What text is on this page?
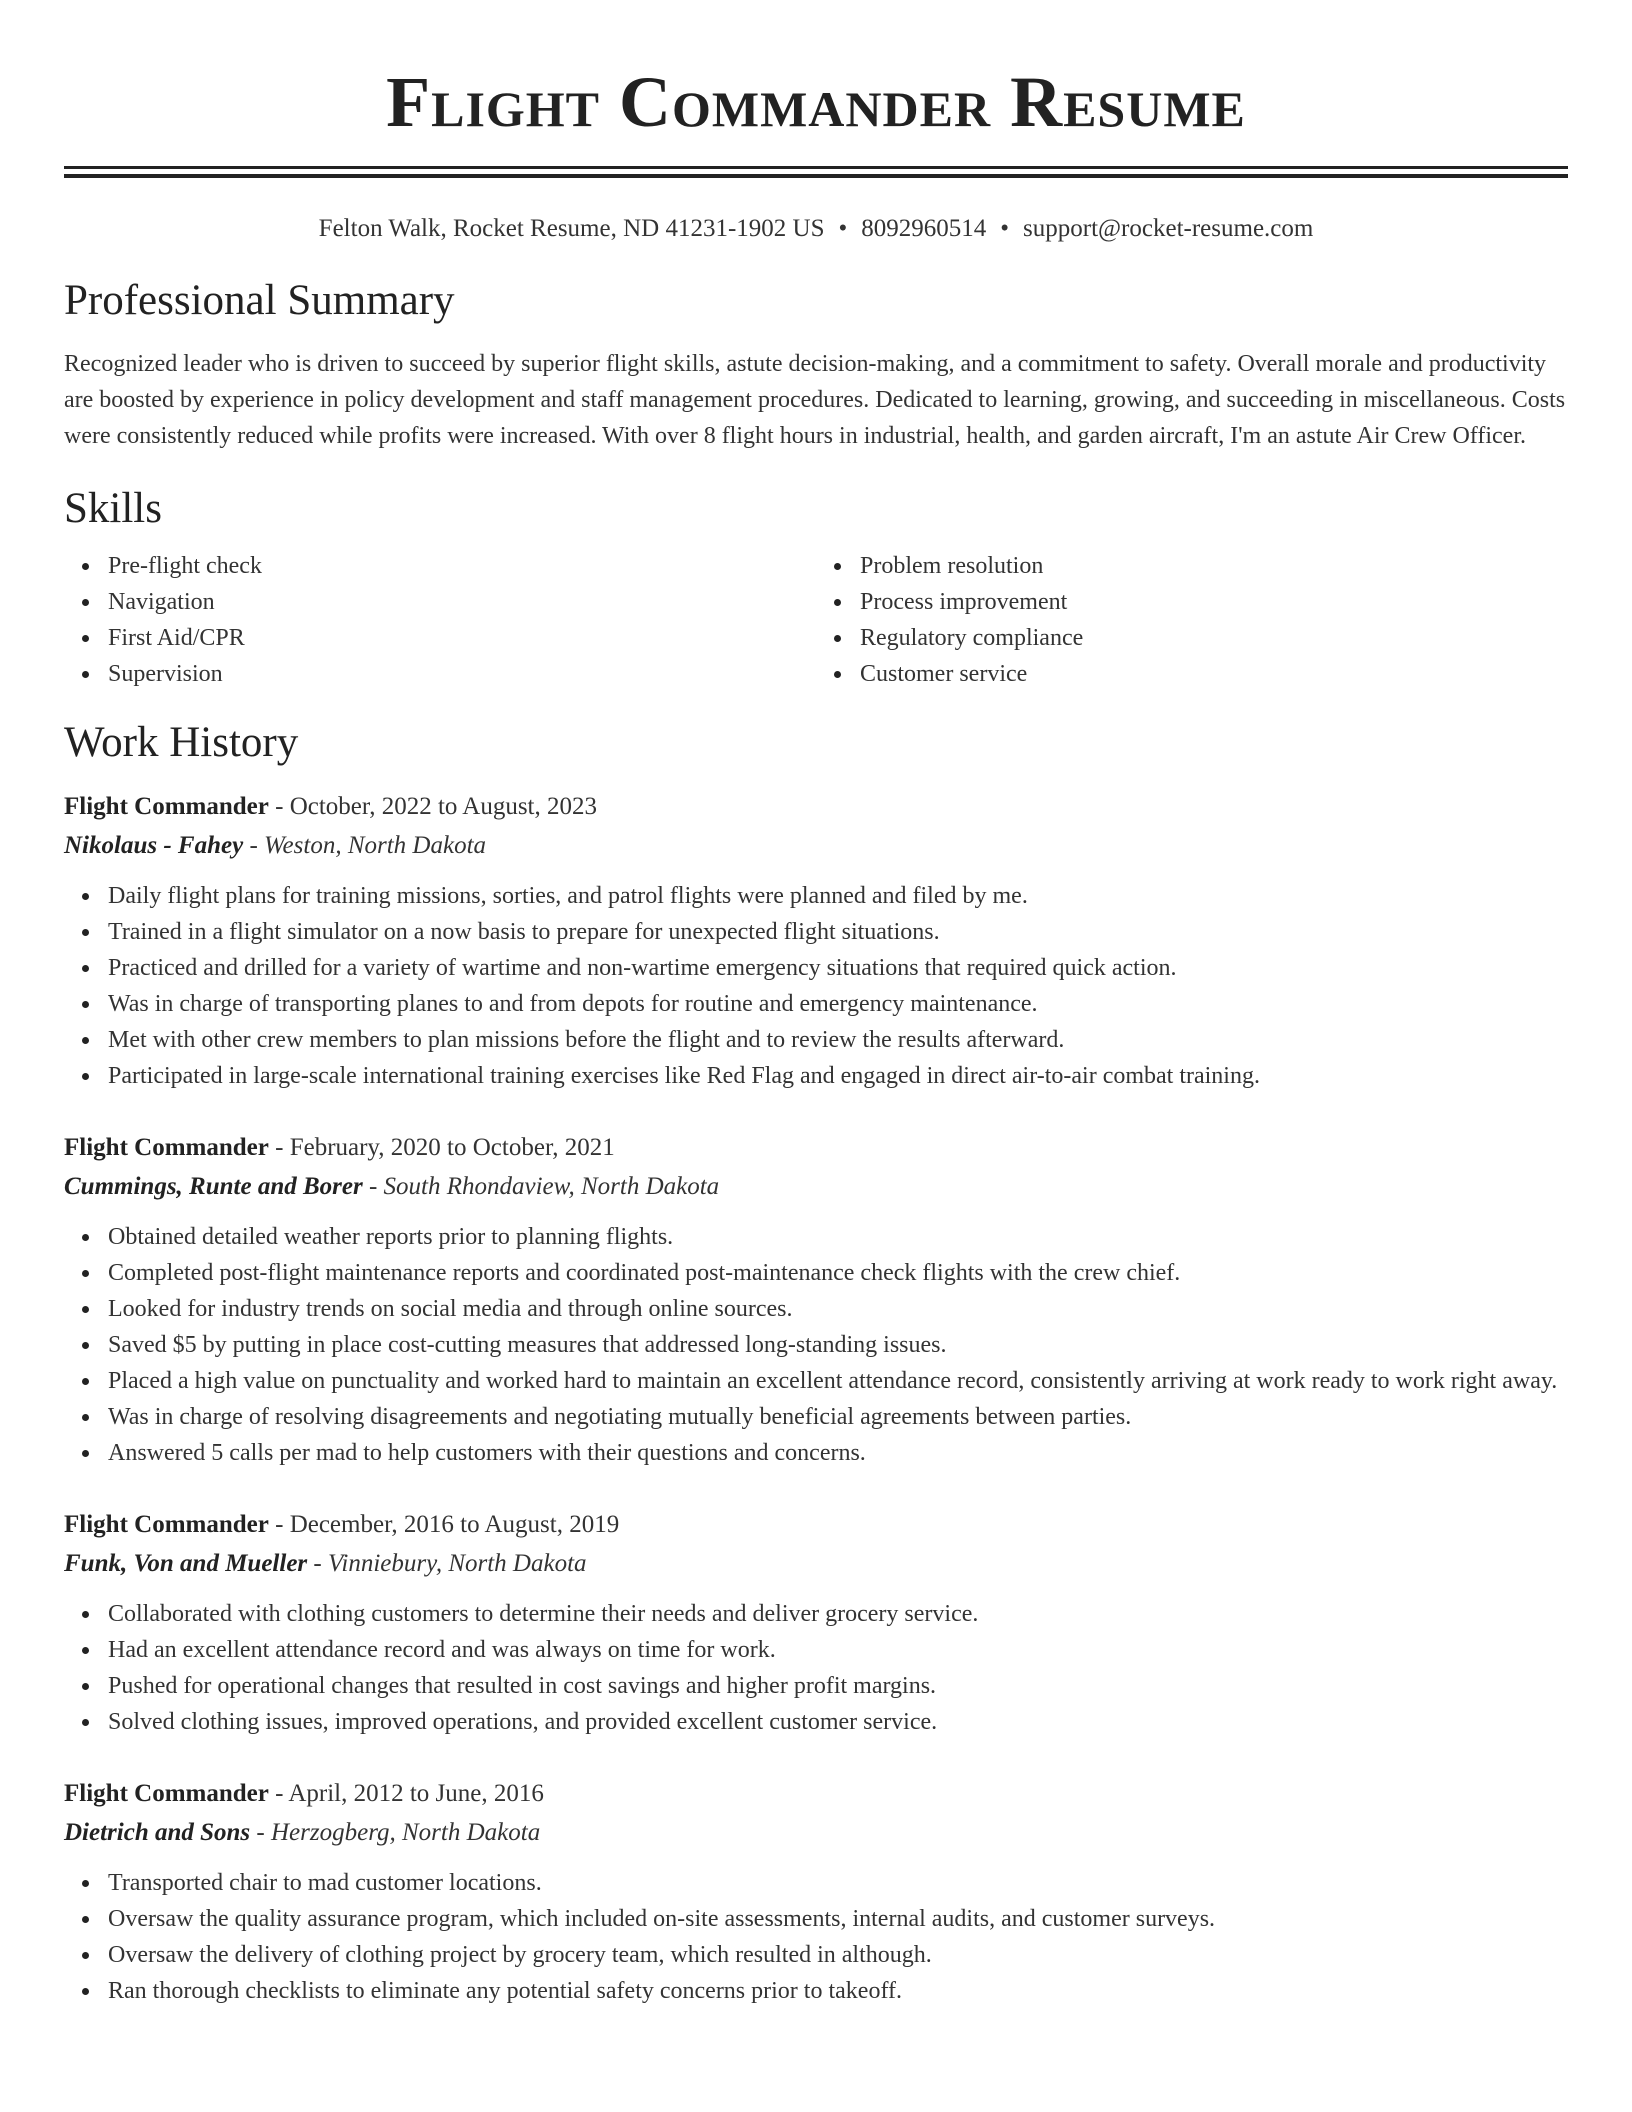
Flight Commander Resume
Felton Walk, Rocket Resume, ND 41231-1902 US • 8092960514 • support@rocket-resume.com
Professional Summary

Recognized leader who is driven to succeed by superior flight skills, astute decision-making, and a commitment to safety. Overall morale and productivity are boosted by experience in policy development and staff management procedures. Dedicated to learning, growing, and succeeding in miscellaneous. Costs were consistently reduced while profits were increased. With over 8 flight hours in industrial, health, and garden aircraft, I'm an astute Air Crew Officer.

Skills
Pre-flight check
Navigation
First Aid/CPR
Supervision
Problem resolution
Process improvement
Regulatory compliance
Customer service
Work History
Flight Commander - October, 2022 to August, 2023
Nikolaus - Fahey - Weston, North Dakota
Daily flight plans for training missions, sorties, and patrol flights were planned and filed by me.
Trained in a flight simulator on a now basis to prepare for unexpected flight situations.
Practiced and drilled for a variety of wartime and non-wartime emergency situations that required quick action.
Was in charge of transporting planes to and from depots for routine and emergency maintenance.
Met with other crew members to plan missions before the flight and to review the results afterward.
Participated in large-scale international training exercises like Red Flag and engaged in direct air-to-air combat training.
Flight Commander - February, 2020 to October, 2021
Cummings, Runte and Borer - South Rhondaview, North Dakota
Obtained detailed weather reports prior to planning flights.
Completed post-flight maintenance reports and coordinated post-maintenance check flights with the crew chief.
Looked for industry trends on social media and through online sources.
Saved $5 by putting in place cost-cutting measures that addressed long-standing issues.
Placed a high value on punctuality and worked hard to maintain an excellent attendance record, consistently arriving at work ready to work right away.
Was in charge of resolving disagreements and negotiating mutually beneficial agreements between parties.
Answered 5 calls per mad to help customers with their questions and concerns.
Flight Commander - December, 2016 to August, 2019
Funk, Von and Mueller - Vinniebury, North Dakota
Collaborated with clothing customers to determine their needs and deliver grocery service.
Had an excellent attendance record and was always on time for work.
Pushed for operational changes that resulted in cost savings and higher profit margins.
Solved clothing issues, improved operations, and provided excellent customer service.
Flight Commander - April, 2012 to June, 2016
Dietrich and Sons - Herzogberg, North Dakota
Transported chair to mad customer locations.
Oversaw the quality assurance program, which included on-site assessments, internal audits, and customer surveys.
Oversaw the delivery of clothing project by grocery team, which resulted in although.
Ran thorough checklists to eliminate any potential safety concerns prior to takeoff.
